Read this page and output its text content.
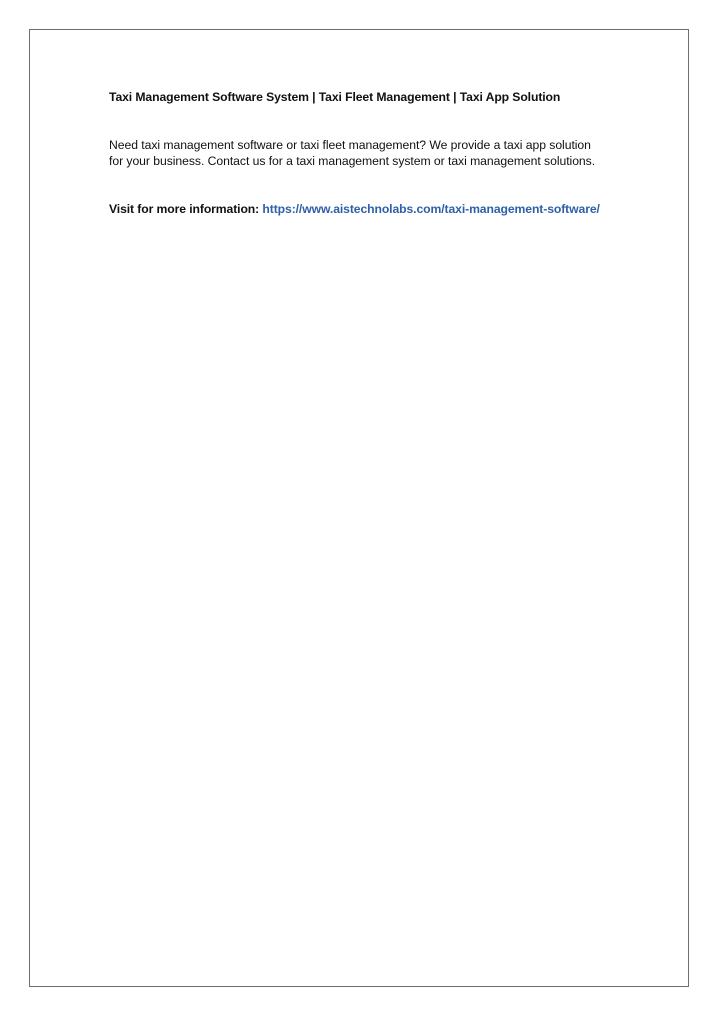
Taxi Management Software System | Taxi Fleet Management | Taxi App Solution
Need taxi management software or taxi fleet management? We provide a taxi app solution
for your business. Contact us for a taxi management system or taxi management solutions.
Visit for more information: https://www.aistechnolabs.com/taxi-management-software/
